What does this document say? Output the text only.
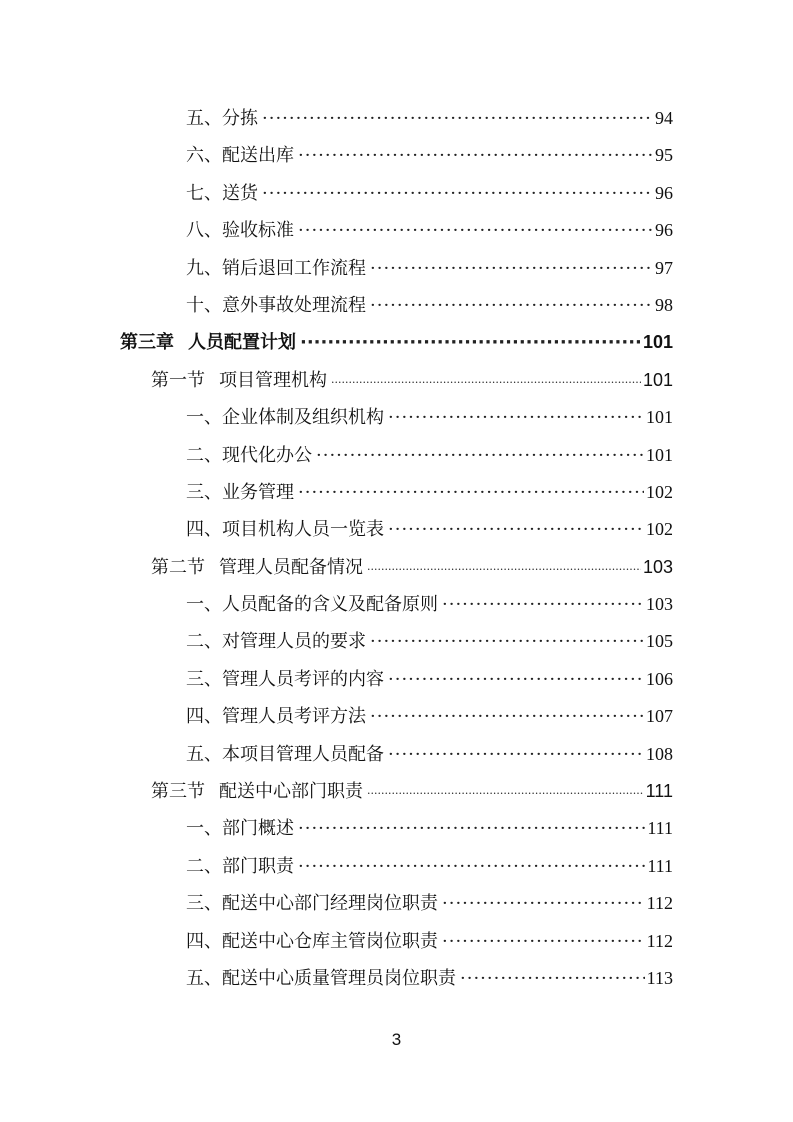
五、分拣 ·····	94
六、配送出库 ·····	95
七、送货 ·····	96
八、验收标准 ·····	96
九、销后退回工作流程 ·····	97
十、意外事故处理流程 ·····	98
第三章 人员配置计划 ·····	101
第一节 项目管理机构 ·····	101
一、企业体制及组织机构 ·····	101
二、现代化办公 ·····	101
三、业务管理 ·····	102
四、项目机构人员一览表 ·····	102
第二节 管理人员配备情况 ·····	103
一、人员配备的含义及配备原则 ·····	103
二、对管理人员的要求 ·····	105
三、管理人员考评的内容 ·····	106
四、管理人员考评方法 ·····	107
五、本项目管理人员配备 ·····	108
第三节 配送中心部门职责 ·····	111
一、部门概述 ·····	111
二、部门职责 ·····	111
三、配送中心部门经理岗位职责 ·····	112
四、配送中心仓库主管岗位职责 ·····	112
五、配送中心质量管理员岗位职责 ·····	113
3
